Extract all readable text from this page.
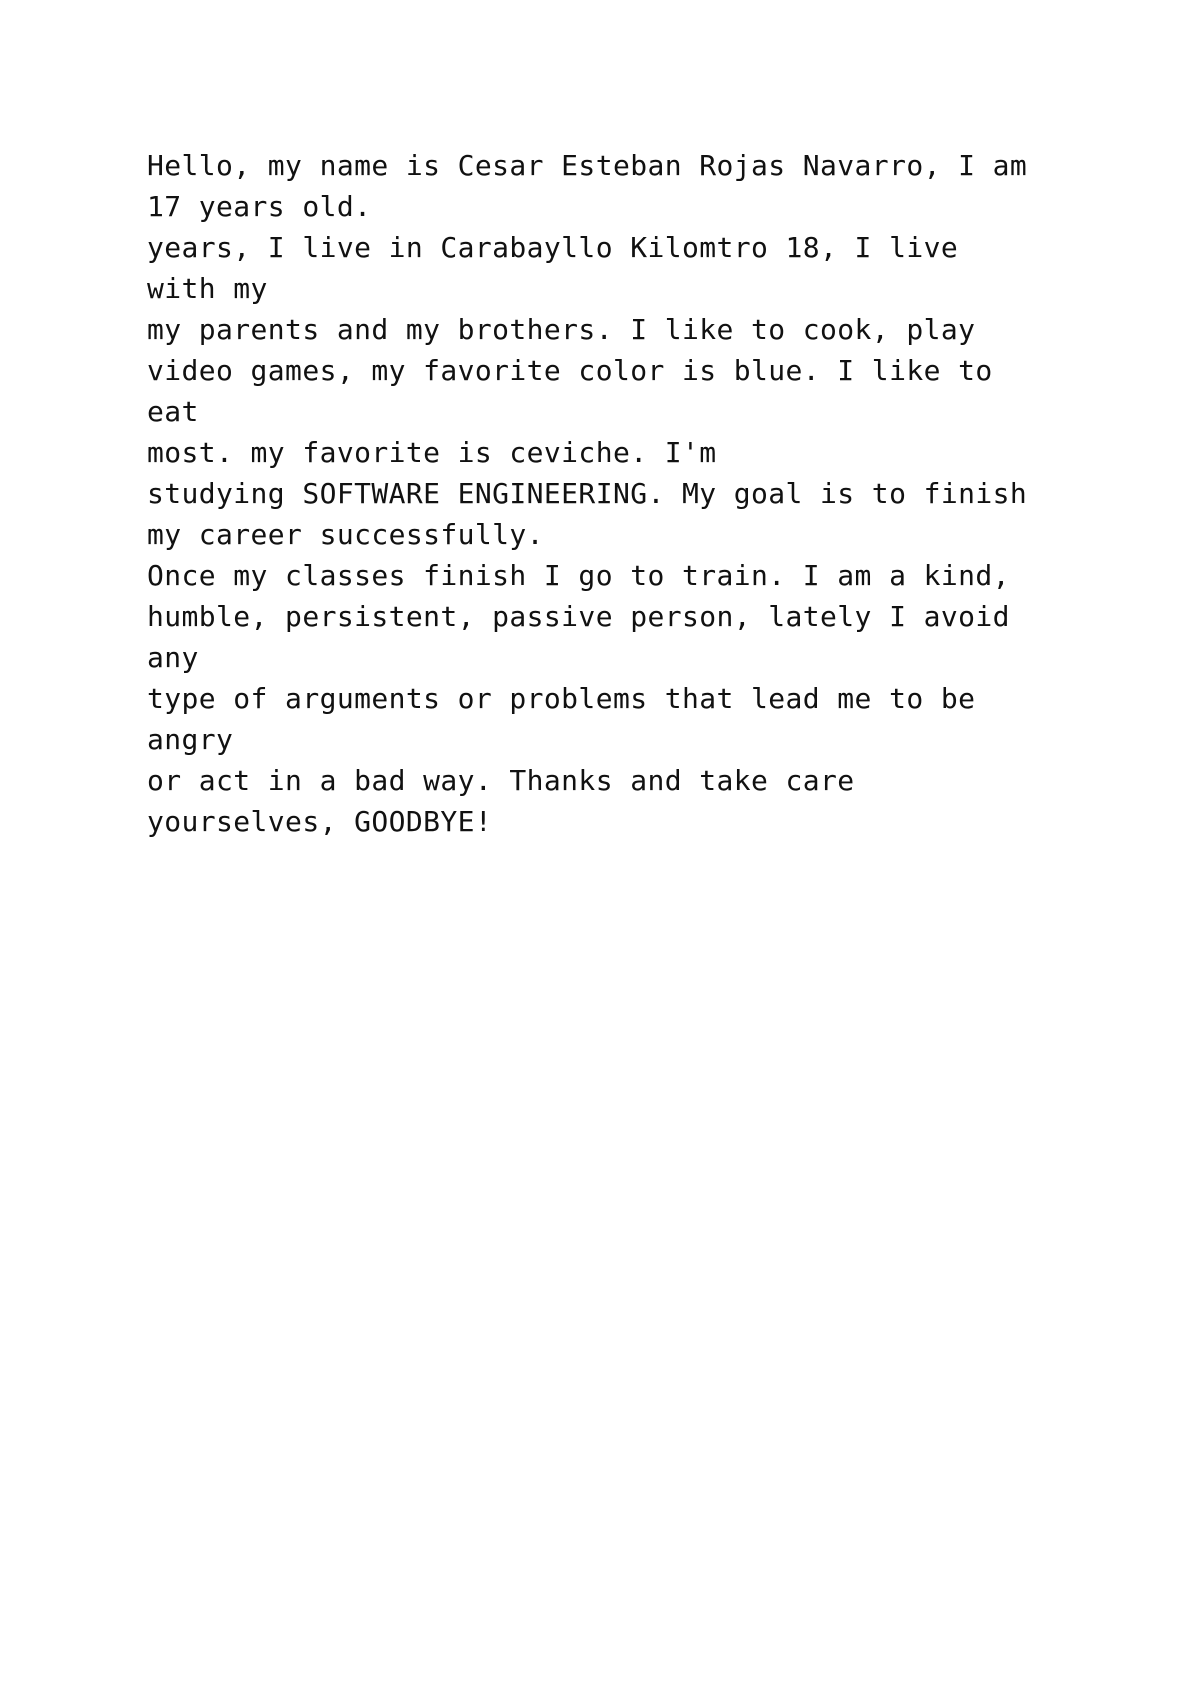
Hello, my name is Cesar Esteban Rojas Navarro, I am
17 years old.
years, I live in Carabayllo Kilomtro 18, I live
with my
my parents and my brothers. I like to cook, play
video games, my favorite color is blue. I like to
eat
most. my favorite is ceviche. I'm
studying SOFTWARE ENGINEERING. My goal is to finish
my career successfully.
Once my classes finish I go to train. I am a kind,
humble, persistent, passive person, lately I avoid
any
type of arguments or problems that lead me to be
angry
or act in a bad way. Thanks and take care
yourselves, GOODBYE!
